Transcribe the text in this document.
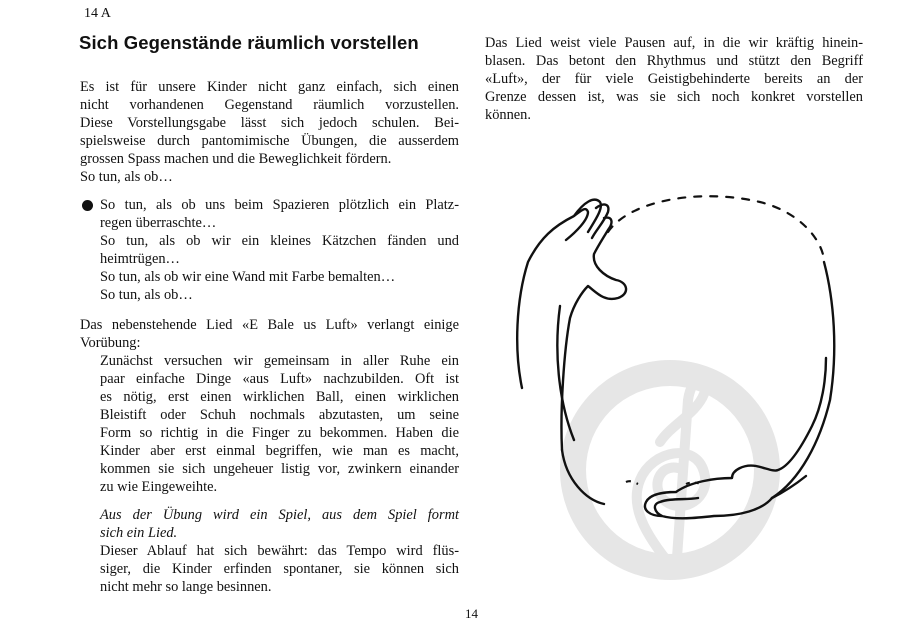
14 A
Sich Gegenstände räumlich vorstellen
Es ist für unsere Kinder nicht ganz einfach, sich einen
nicht vorhandenen Gegenstand räumlich vorzustellen.
Diese Vorstellungsgabe lässt sich jedoch schulen. Bei-
spielsweise durch pantomimische Übungen, die ausserdem
grossen Spass machen und die Beweglichkeit fördern.
So tun, als ob…
So tun, als ob uns beim Spazieren plötzlich ein Platz-
regen überraschte…
So tun, als ob wir ein kleines Kätzchen fänden und
heimtrügen…
So tun, als ob wir eine Wand mit Farbe bemalten…
So tun, als ob…
Das nebenstehende Lied «E Bale us Luft» verlangt einige
Vorübung:
Zunächst versuchen wir gemeinsam in aller Ruhe ein
paar einfache Dinge «aus Luft» nachzubilden. Oft ist
es nötig, erst einen wirklichen Ball, einen wirklichen
Bleistift oder Schuh nochmals abzutasten, um seine
Form so richtig in die Finger zu bekommen. Haben die
Kinder aber erst einmal begriffen, wie man es macht,
kommen sie sich ungeheuer listig vor, zwinkern einander
zu wie Eingeweihte.
Aus der Übung wird ein Spiel, aus dem Spiel formt
sich ein Lied.
Dieser Ablauf hat sich bewährt: das Tempo wird flüs-
siger, die Kinder erfinden spontaner, sie können sich
nicht mehr so lange besinnen.
Das Lied weist viele Pausen auf, in die wir kräftig hinein-
blasen. Das betont den Rhythmus und stützt den Begriff
«Luft», der für viele Geistigbehinderte bereits an der
Grenze dessen ist, was sie sich noch konkret vorstellen
können.
14
